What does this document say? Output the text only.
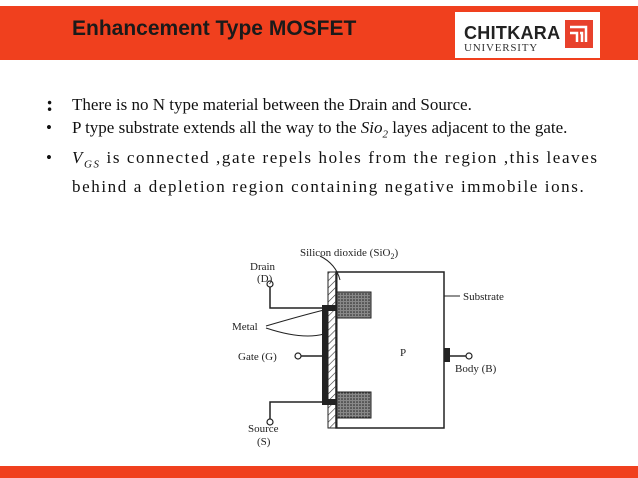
Enhancement Type MOSFET	CHITKARA
UNIVERSITY
: There is no N type material between the Drain and Source.
• P type substrate extends all the way to the Sio$_2$ layes adjacent to the gate.
• $V_{GS}$ is connected ,gate repels holes from the region ,this leaves behind a depletion region containing negative immobile ions.
Silicon dioxide (SiO$_2$)
Drain
(D)
Substrate
Metal
Gate (G)	P
Body (B)
Source
(S)
